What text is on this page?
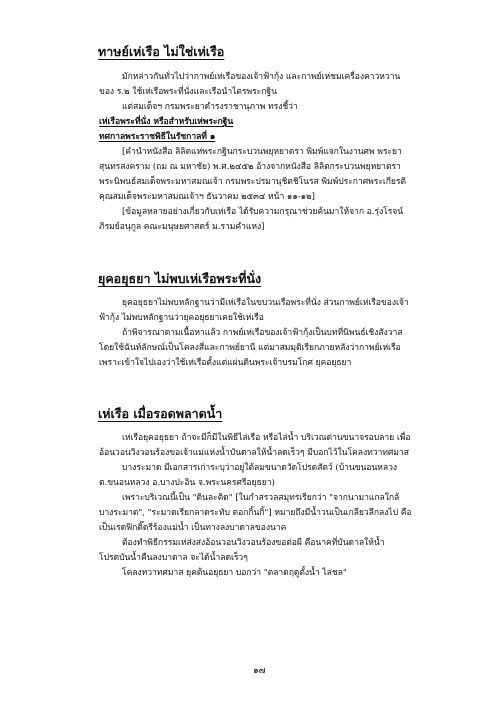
ทาษย์เห่เรือ ไม่ใช่เห่เรือ
มักหล่าวกันทั่วไปว่ากาพย์เห่เรือของเจ้าฟ้ากุ้ง และกาพย์เห่ชมเครื่องคาวหวาน
ของ ร.๒ ใช้เห่เรือพระที่นั่งและเรือนำไตรพระกฐิน
แต่สมเด็จฯ กรมพระยาดำรงราชานุภาพ ทรงชี้ว่า
เห่เรือพระที่นั่ง หรือสำหรับเห่พระกฐิน
ทศกาลพระราชพิธีในรัชกาลที่ ๑
[คำนำหนังสือ ลิลิตแห่พระกฐินกระบวนพยุหยาตรา พิมพ์แจกในงานศพ พระยา
สุนทรสงคราม (ถม ณ มหาชัย) พ.ศ.๒๔๕๒ อ้างจากหนังสือ ลิลิตกระบวนพยุหยาตรา
พระนิพนธ์สมเด็จพระมหาสมณเจ้า กรมพระปรมานุชิตชิโนรส พิมพ์ประกาศพระเกียรติ
คุณสมเด็จพระมหาสมณเจ้าฯ ธันวาคม ๒๕๓๔ หน้า ๑๑-๑๒]
[ข้อมูลหลายอย่างเกี่ยวกับเห่เรือ ได้รับความกรุณาช่วยค้นมาให้จาก อ.รุ่งโรจน์
ภิรมย์อนุกูล คณะมนุษยศาสตร์ ม.รามคำแหง]
ยุคอยุธยา ไม่พบเห่เรือพระที่นั่ง
ยุคอยุธยาไม่พบหลักฐานว่ามีเห่เรือในขบวนเรือพระที่นั่ง ส่วนกาพย์เห่เรือของเจ้า
ฟ้ากุ้ง ไม่พบหลักฐานว่ายุคอยุธยาเคยใช้เห่เรือ
ถ้าพิจารณาตามเนื้อหาแล้ว กาพย์เห่เรือของเจ้าฟ้ากุ้งเป็นบทที่นิพนธ์เชิงสังวาส
โดยใช้ฉันท์ลักษณ์เป็นโคลงสี่และกาพย์ยานี แต่มาสมมุติเรียกภายหลังว่ากาพย์เห่เรือ
เพราะเข้าใจไปเองว่าใช้เห่เรือตั้งแต่แผ่นดินพระเจ้าบรมโกศ ยุคอยุธยา
เห่เรือ เมื่อรอดพลาดน้ำ
เห่เรือยุคอยุธยา ถ้าจะมีก็มีในพิธีไล่เรือ หรือไล่น้ำ บริเวณด่านขนาจรอบลาย เพื่อ
อ้อนวอนวิงวอนร้องขอเจ้าแม่แห่งน้ำบันดาลให้น้ำลดเร็วๆ มีบอกไว้ในโคลงทวาทศมาส
บางระมาด มีเอกสารเก่าระบุว่าอยู่ใต้ลมขนาดวัดโปรดสัตว์ (บ้านขนอนหลวง
ต.ขนอนหลวง อ.บางปะอิน จ.พระนครศรีอยุธยา)
เพราะบริเวณนี้เป็น "ดินละติด" [ในกำสรวลสมุทรเรียกว่า "จากนามาแกลใกล้
บางระมาด", "ระมาดเรียกลาดระทับ ตอกกิ้นกิ้"] หมายถึงมีน้ำวนเป็นเกลียวลึกลงไป คือ
เป็นเรดฟิกติ๊ดรีร้องแม่น้ำ เป็นทางลงบาดาลของนาค
ต้องทำพิธีกรรมเห่ส่งส่งอ้อนวอนวิงวอนร้องขอต่อผี คือนาคที่บันดาลให้น้ำ
โปรดบันน้ำคืนลงบาดาล จะได้น้ำลดเร็วๆ
โคลงทวาทศมาส ยุคต้นอยุธยา บอกว่า "ตลาดฤดูตั้งน้ำ ไล่ชล"
๑๗
